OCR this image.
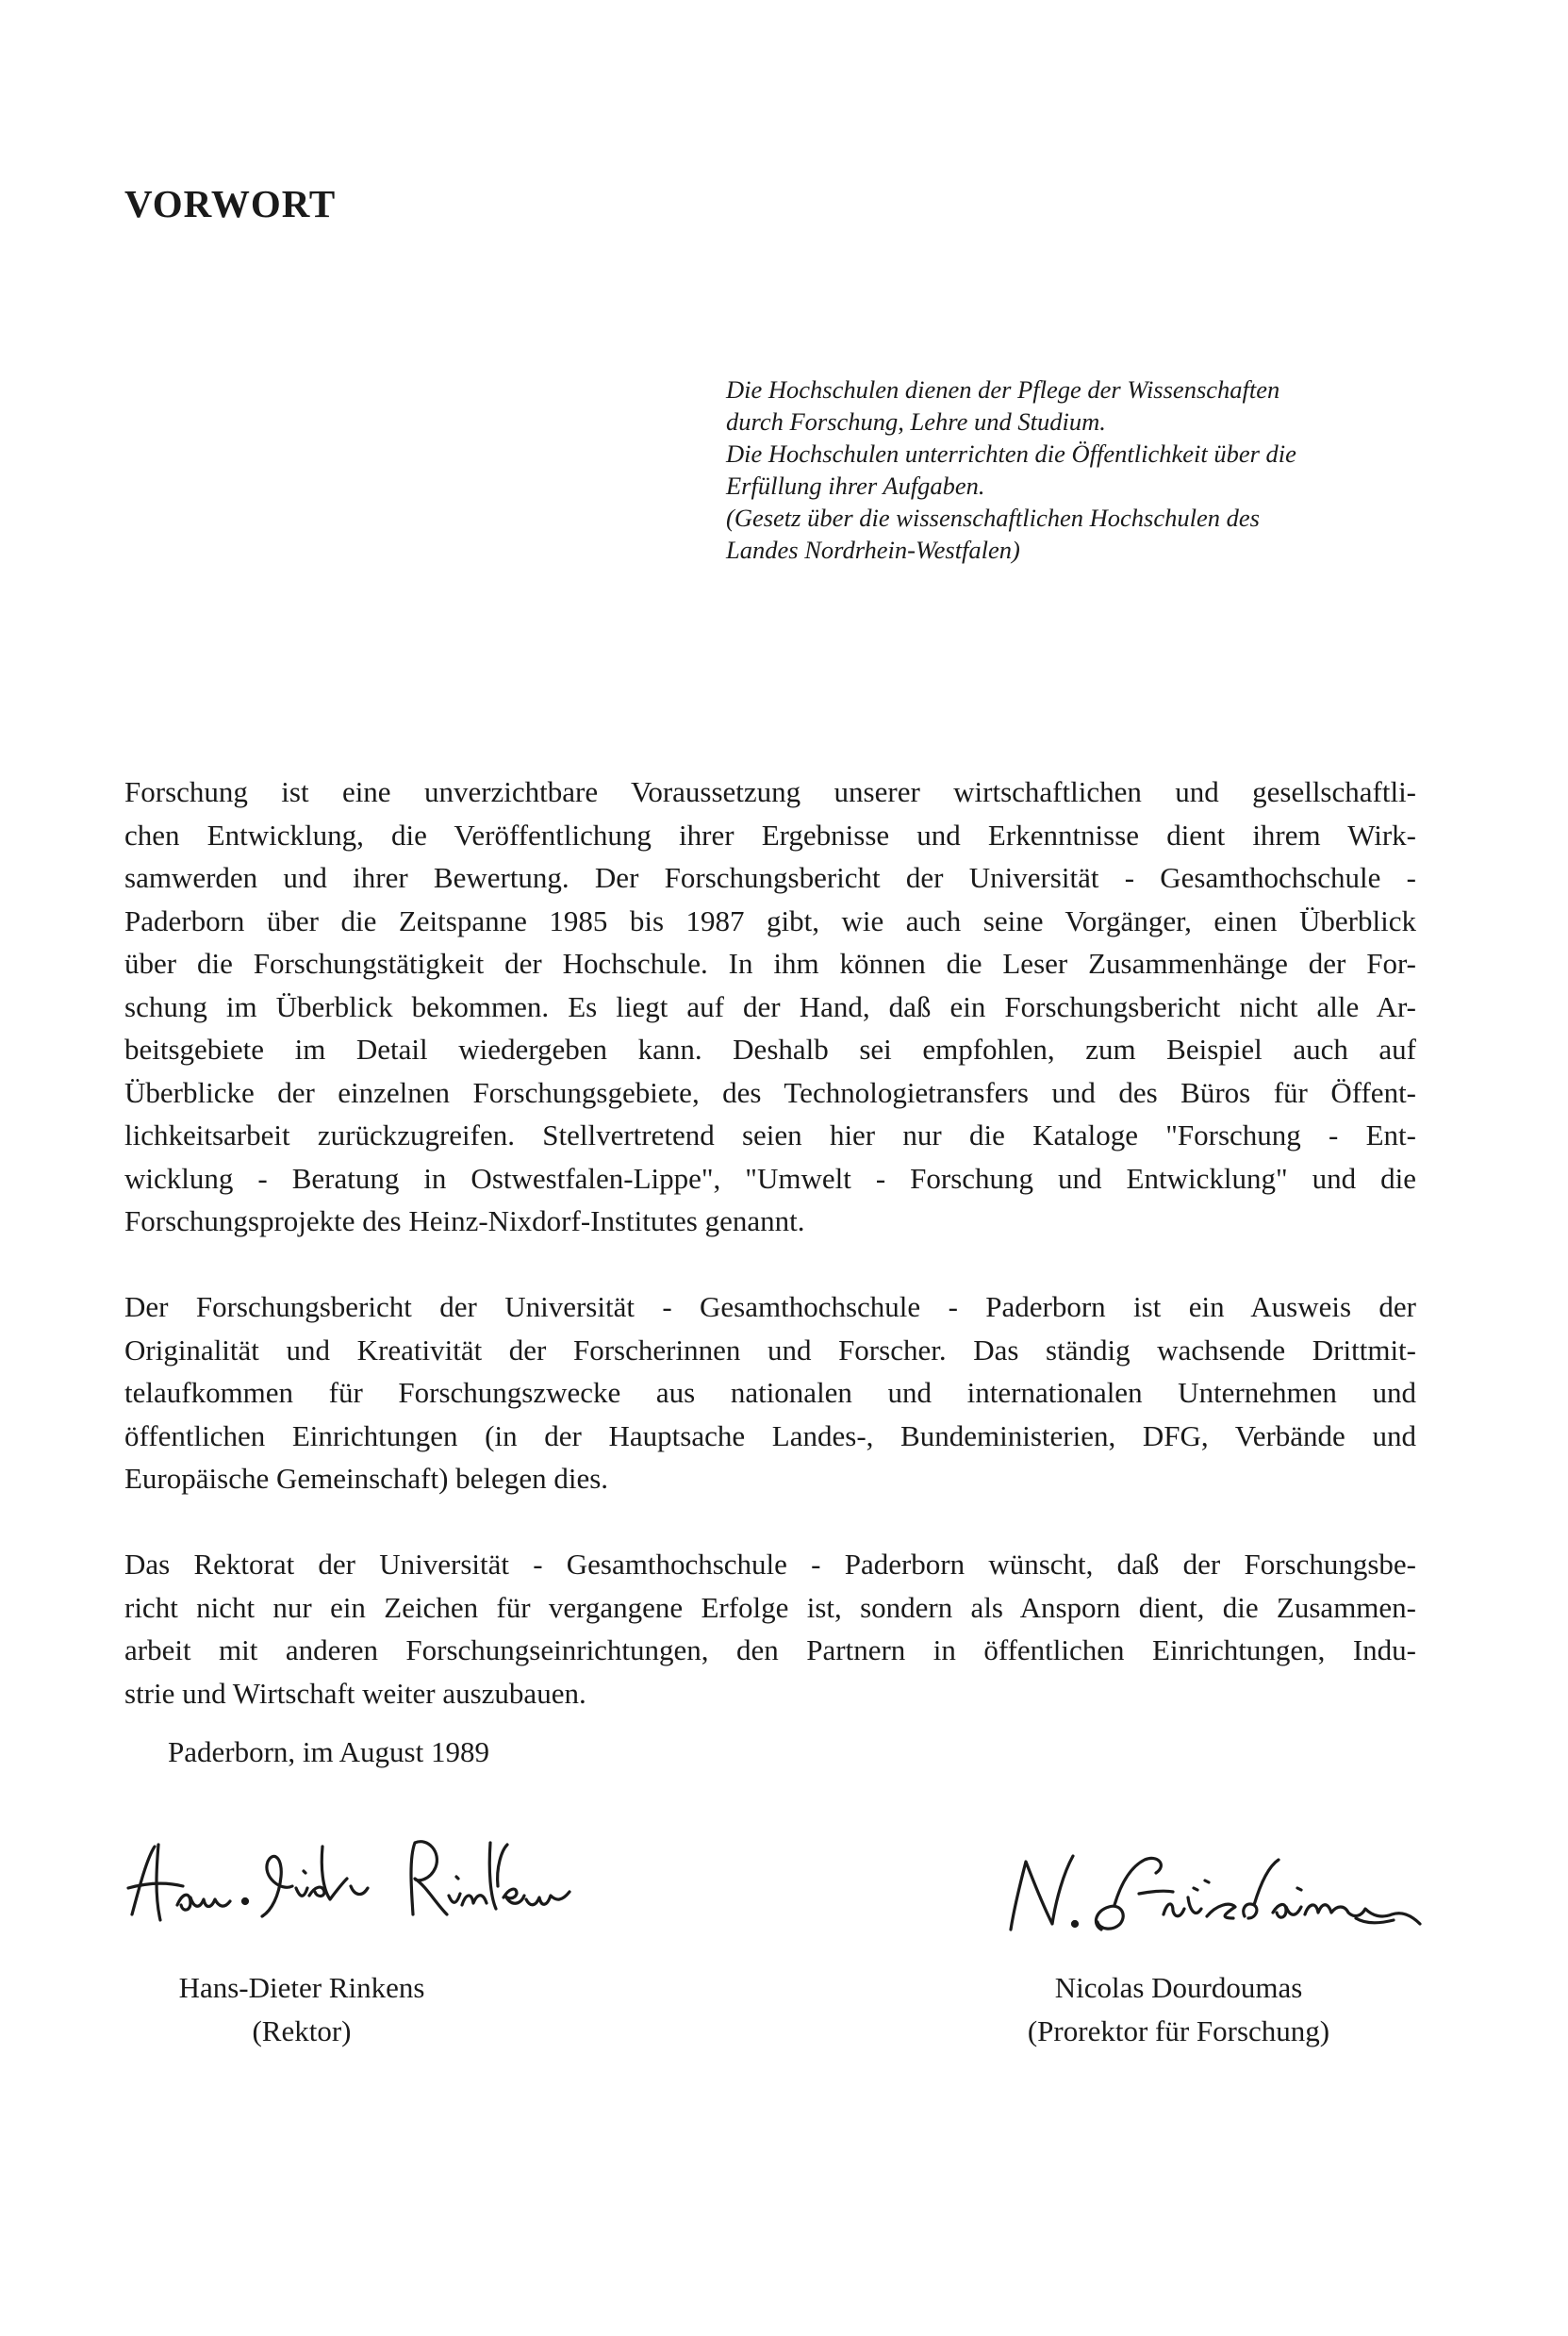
VORWORT
Die Hochschulen dienen der Pflege der Wissenschaften
durch Forschung, Lehre und Studium.
Die Hochschulen unterrichten die Öffentlichkeit über die
Erfüllung ihrer Aufgaben.
(Gesetz über die wissenschaftlichen Hochschulen des
Landes Nordrhein-Westfalen)

Forschung ist eine unverzichtbare Voraussetzung unserer wirtschaftlichen und gesellschaftli-
chen Entwicklung, die Veröffentlichung ihrer Ergebnisse und Erkenntnisse dient ihrem Wirk-
samwerden und ihrer Bewertung. Der Forschungsbericht der Universität - Gesamthochschule -
Paderborn über die Zeitspanne 1985 bis 1987 gibt, wie auch seine Vorgänger, einen Überblick
über die Forschungstätigkeit der Hochschule. In ihm können die Leser Zusammenhänge der For-
schung im Überblick bekommen. Es liegt auf der Hand, daß ein Forschungsbericht nicht alle Ar-
beitsgebiete im Detail wiedergeben kann. Deshalb sei empfohlen, zum Beispiel auch auf
Überblicke der einzelnen Forschungsgebiete, des Technologietransfers und des Büros für Öffent-
lichkeitsarbeit zurückzugreifen. Stellvertretend seien hier nur die Kataloge "Forschung - Ent-
wicklung - Beratung in Ostwestfalen-Lippe", "Umwelt - Forschung und Entwicklung" und die
Forschungsprojekte des Heinz-Nixdorf-Institutes genannt.

Der Forschungsbericht der Universität - Gesamthochschule - Paderborn ist ein Ausweis der
Originalität und Kreativität der Forscherinnen und Forscher. Das ständig wachsende Drittmit-
telaufkommen für Forschungszwecke aus nationalen und internationalen Unternehmen und
öffentlichen Einrichtungen (in der Hauptsache Landes-, Bundeministerien, DFG, Verbände und
Europäische Gemeinschaft) belegen dies.

Das Rektorat der Universität - Gesamthochschule - Paderborn wünscht, daß der Forschungsbe-
richt nicht nur ein Zeichen für vergangene Erfolge ist, sondern als Ansporn dient, die Zusammen-
arbeit mit anderen Forschungseinrichtungen, den Partnern in öffentlichen Einrichtungen, Indu-
strie und Wirtschaft weiter auszubauen.

Paderborn, im August 1989
Hans-Dieter Rinkens
(Rektor)
Nicolas Dourdoumas
(Prorektor für Forschung)
